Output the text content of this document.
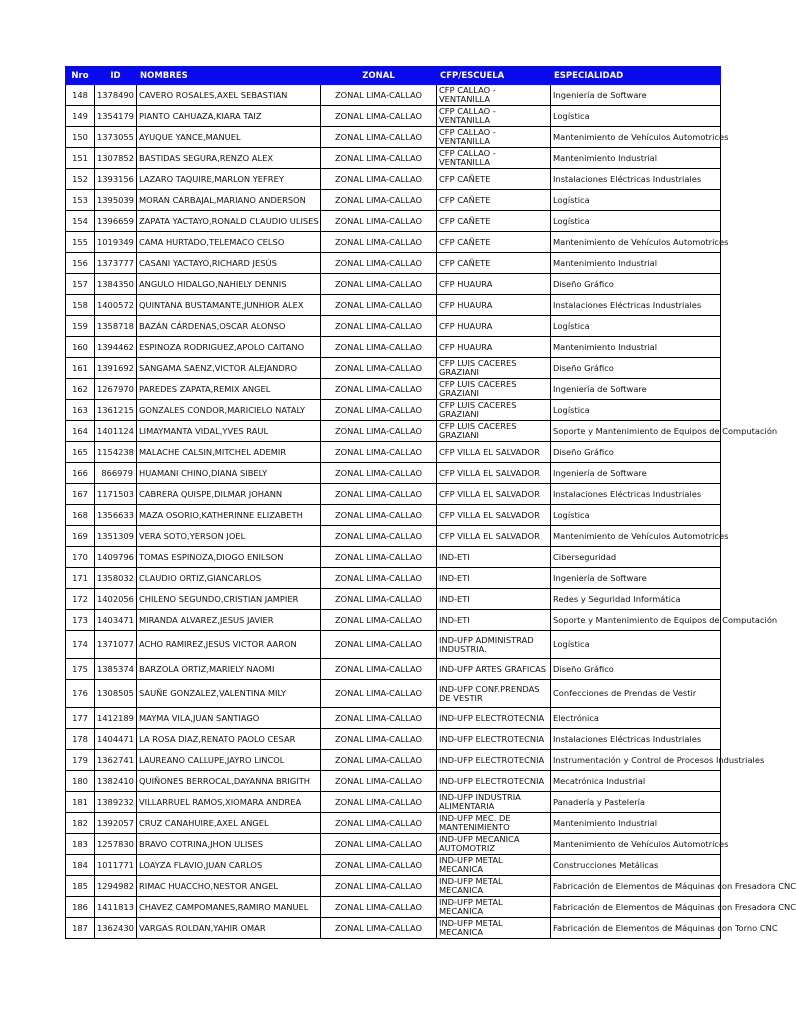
Nro	ID	NOMBRES	ZONAL	CFP/ESCUELA	ESPECIALIDAD
148	1378490	CAVERO ROSALES,AXEL SEBASTIAN	ZONAL LIMA-CALLAO	CFP CALLAO - VENTANILLA	Ingeniería de Software
149	1354179	PIANTO CAHUAZA,KIARA TAIZ	ZONAL LIMA-CALLAO	CFP CALLAO - VENTANILLA	Logística
150	1373055	AYUQUE YANCE,MANUEL	ZONAL LIMA-CALLAO	CFP CALLAO - VENTANILLA	Mantenimiento de Vehículos Automotrices
151	1307852	BASTIDAS SEGURA,RENZO ALEX	ZONAL LIMA-CALLAO	CFP CALLAO - VENTANILLA	Mantenimiento Industrial
152	1393156	LAZARO TAQUIRE,MARLON YEFREY	ZONAL LIMA-CALLAO	CFP CAÑETE	Instalaciones Eléctricas Industriales
153	1395039	MORAN CARBAJAL,MARIANO ANDERSON	ZONAL LIMA-CALLAO	CFP CAÑETE	Logística
154	1396659	ZAPATA YACTAYO,RONALD CLAUDIO ULISES	ZONAL LIMA-CALLAO	CFP CAÑETE	Logística
155	1019349	CAMA HURTADO,TELEMACO CELSO	ZONAL LIMA-CALLAO	CFP CAÑETE	Mantenimiento de Vehículos Automotrices
156	1373777	CASANI YACTAYO,RICHARD JESÚS	ZONAL LIMA-CALLAO	CFP CAÑETE	Mantenimiento Industrial
157	1384350	ANGULO HIDALGO,NAHIELY DENNIS	ZONAL LIMA-CALLAO	CFP HUAURA	Diseño Gráfico
158	1400572	QUINTANA BUSTAMANTE,JUNHIOR ALEX	ZONAL LIMA-CALLAO	CFP HUAURA	Instalaciones Eléctricas Industriales
159	1358718	BAZÁN CÁRDENAS,OSCAR ALONSO	ZONAL LIMA-CALLAO	CFP HUAURA	Logística
160	1394462	ESPINOZA RODRIGUEZ,APOLO CAITANO	ZONAL LIMA-CALLAO	CFP HUAURA	Mantenimiento Industrial
161	1391692	SANGAMA SAENZ,VICTOR ALEJANDRO	ZONAL LIMA-CALLAO	CFP LUIS CACERES GRAZIANI	Diseño Gráfico
162	1267970	PAREDES ZAPATA,REMIX ANGEL	ZONAL LIMA-CALLAO	CFP LUIS CACERES GRAZIANI	Ingeniería de Software
163	1361215	GONZALES CONDOR,MARICIELO NATALY	ZONAL LIMA-CALLAO	CFP LUIS CACERES GRAZIANI	Logística
164	1401124	LIMAYMANTA VIDAL,YVES RAUL	ZONAL LIMA-CALLAO	CFP LUIS CACERES GRAZIANI	Soporte y Mantenimiento de Equipos de Computación
165	1154238	MALACHE CALSIN,MITCHEL ADEMIR	ZONAL LIMA-CALLAO	CFP VILLA EL SALVADOR	Diseño Gráfico
166	866979	HUAMANI CHINO,DIANA SIBELY	ZONAL LIMA-CALLAO	CFP VILLA EL SALVADOR	Ingeniería de Software
167	1171503	CABRERA QUISPE,DILMAR JOHANN	ZONAL LIMA-CALLAO	CFP VILLA EL SALVADOR	Instalaciones Eléctricas Industriales
168	1356633	MAZA OSORIO,KATHERINNE ELIZABETH	ZONAL LIMA-CALLAO	CFP VILLA EL SALVADOR	Logística
169	1351309	VERA SOTO,YERSON JOEL	ZONAL LIMA-CALLAO	CFP VILLA EL SALVADOR	Mantenimiento de Vehículos Automotrices
170	1409796	TOMAS ESPINOZA,DIOGO ENILSON	ZONAL LIMA-CALLAO	IND-ETI	Ciberseguridad
171	1358032	CLAUDIO ORTIZ,GIANCARLOS	ZONAL LIMA-CALLAO	IND-ETI	Ingeniería de Software
172	1402056	CHILENO SEGUNDO,CRISTIAN JAMPIER	ZONAL LIMA-CALLAO	IND-ETI	Redes y Seguridad Informática
173	1403471	MIRANDA ALVAREZ,JESUS JAVIER	ZONAL LIMA-CALLAO	IND-ETI	Soporte y Mantenimiento de Equipos de Computación
174	1371077	ACHO RAMIREZ,JESUS VICTOR AARON	ZONAL LIMA-CALLAO	IND-UFP ADMINISTRAD INDUSTRIA.	Logística
175	1385374	BARZOLA ORTIZ,MARIELY NAOMI	ZONAL LIMA-CALLAO	IND-UFP ARTES GRAFICAS	Diseño Gráfico
176	1308505	SAUÑE GONZALEZ,VALENTINA MILY	ZONAL LIMA-CALLAO	IND-UFP CONF.PRENDAS DE VESTIR	Confecciones de Prendas de Vestir
177	1412189	MAYMA VILA,JUAN SANTIAGO	ZONAL LIMA-CALLAO	IND-UFP ELECTROTECNIA	Electrónica
178	1404471	LA ROSA DIAZ,RENATO PAOLO CESAR	ZONAL LIMA-CALLAO	IND-UFP ELECTROTECNIA	Instalaciones Eléctricas Industriales
179	1362741	LAUREANO CALLUPE,JAYRO LINCOL	ZONAL LIMA-CALLAO	IND-UFP ELECTROTECNIA	Instrumentación y Control de Procesos Industriales
180	1382410	QUIÑONES BERROCAL,DAYANNA BRIGITH	ZONAL LIMA-CALLAO	IND-UFP ELECTROTECNIA	Mecatrónica Industrial
181	1389232	VILLARRUEL RAMOS,XIOMARA ANDREA	ZONAL LIMA-CALLAO	IND-UFP INDUSTRIA ALIMENTARIA	Panadería y Pastelería
182	1392057	CRUZ CANAHUIRE,AXEL ANGEL	ZONAL LIMA-CALLAO	IND-UFP MEC. DE MANTENIMIENTO	Mantenimiento Industrial
183	1257830	BRAVO COTRINA,JHON ULISES	ZONAL LIMA-CALLAO	IND-UFP MECANICA AUTOMOTRIZ	Mantenimiento de Vehículos Automotrices
184	1011771	LOAYZA FLAVIO,JUAN CARLOS	ZONAL LIMA-CALLAO	IND-UFP METAL MECANICA	Construcciones Metálicas
185	1294982	RIMAC HUACCHO,NESTOR ANGEL	ZONAL LIMA-CALLAO	IND-UFP METAL MECANICA	Fabricación de Elementos de Máquinas con Fresadora CNC
186	1411813	CHAVEZ CAMPOMANES,RAMIRO MANUEL	ZONAL LIMA-CALLAO	IND-UFP METAL MECANICA	Fabricación de Elementos de Máquinas con Fresadora CNC
187	1362430	VARGAS ROLDAN,YAHIR OMAR	ZONAL LIMA-CALLAO	IND-UFP METAL MECANICA	Fabricación de Elementos de Máquinas con Torno CNC
